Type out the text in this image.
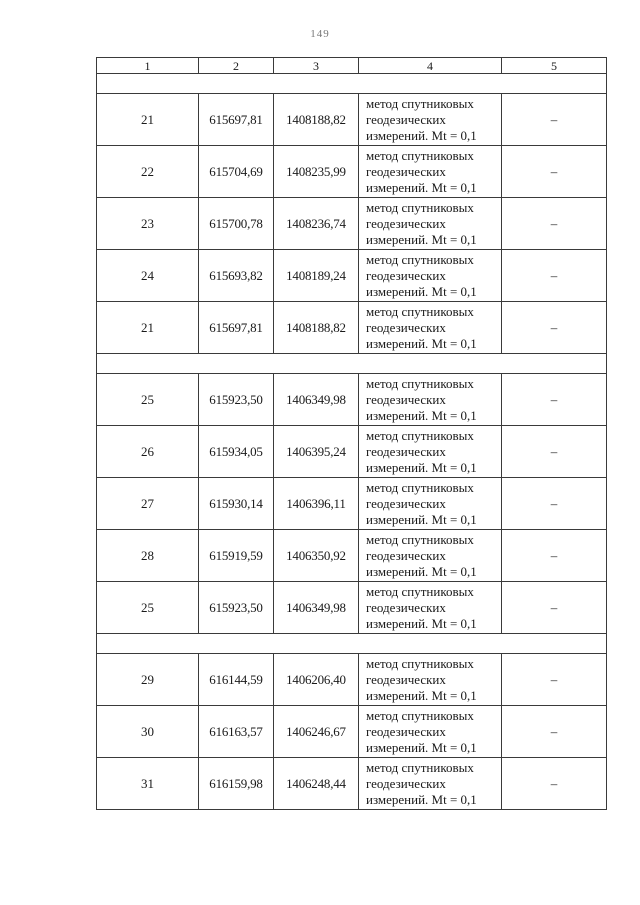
149
1	2	3	4	5

21	615697,81	1408188,82	метод спутниковых
геодезических
измерений. Mt = 0,1	–
22	615704,69	1408235,99	метод спутниковых
геодезических
измерений. Mt = 0,1	–
23	615700,78	1408236,74	метод спутниковых
геодезических
измерений. Mt = 0,1	–
24	615693,82	1408189,24	метод спутниковых
геодезических
измерений. Mt = 0,1	–
21	615697,81	1408188,82	метод спутниковых
геодезических
измерений. Mt = 0,1	–

25	615923,50	1406349,98	метод спутниковых
геодезических
измерений. Mt = 0,1	–
26	615934,05	1406395,24	метод спутниковых
геодезических
измерений. Mt = 0,1	–
27	615930,14	1406396,11	метод спутниковых
геодезических
измерений. Mt = 0,1	–
28	615919,59	1406350,92	метод спутниковых
геодезических
измерений. Mt = 0,1	–
25	615923,50	1406349,98	метод спутниковых
геодезических
измерений. Mt = 0,1	–

29	616144,59	1406206,40	метод спутниковых
геодезических
измерений. Mt = 0,1	–
30	616163,57	1406246,67	метод спутниковых
геодезических
измерений. Mt = 0,1	–
31	616159,98	1406248,44	метод спутниковых
геодезических
измерений. Mt = 0,1	–
